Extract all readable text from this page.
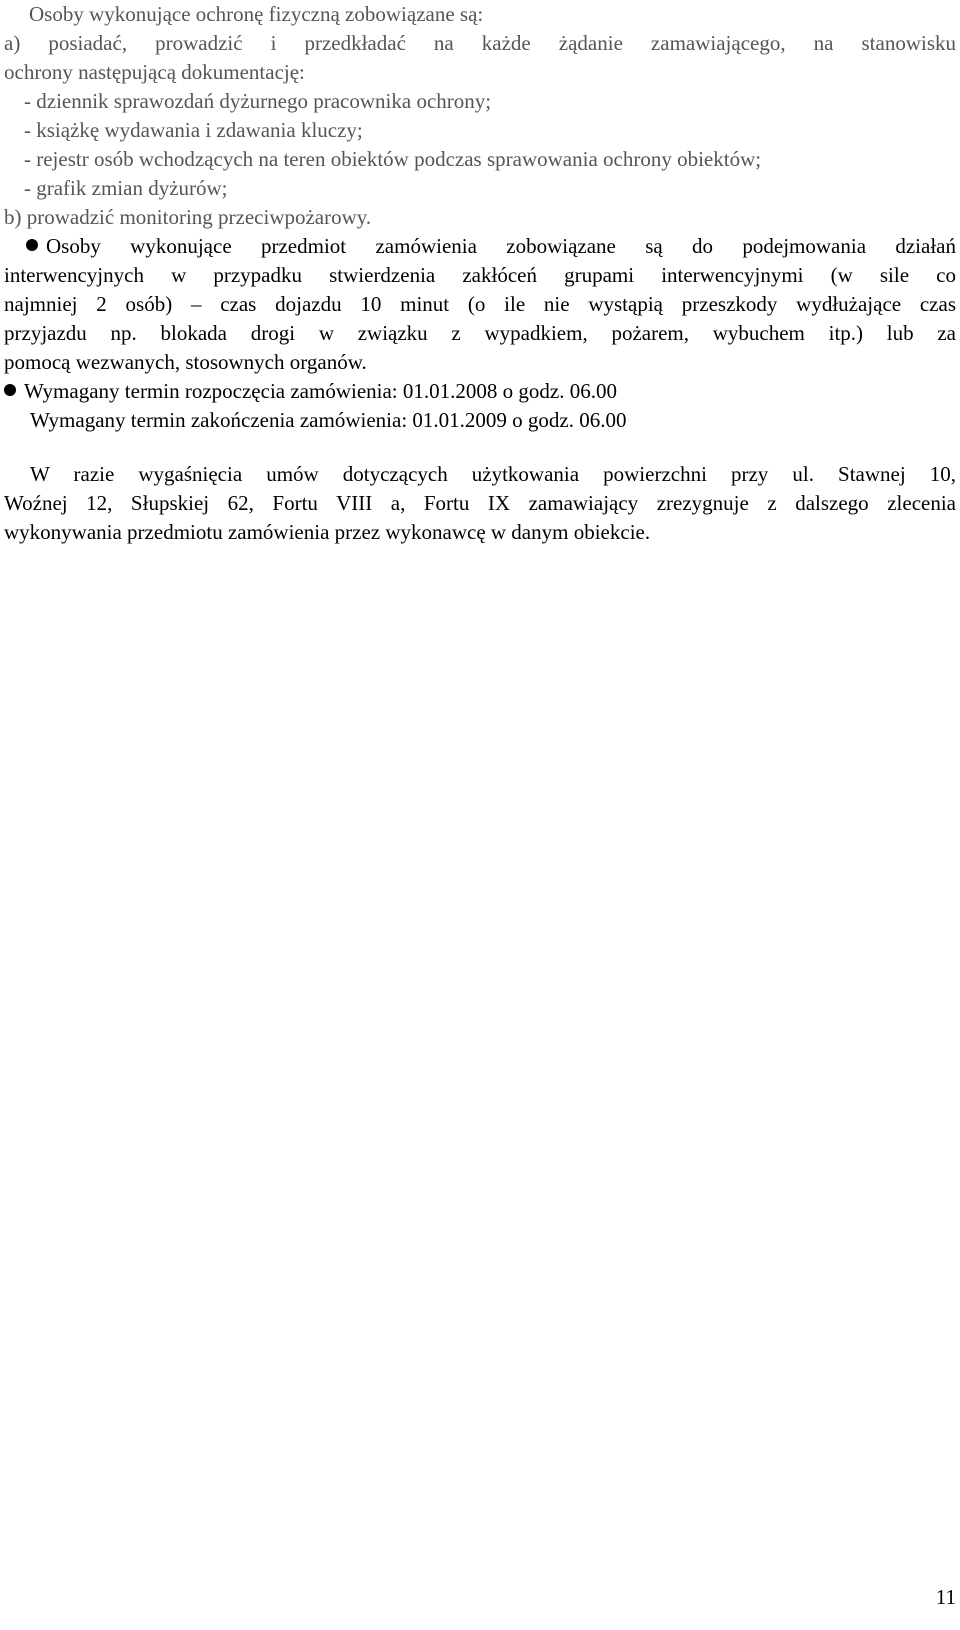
Osoby wykonujące ochronę fizyczną zobowiązane są:
a) posiadać, prowadzić i przedkładać na każde żądanie zamawiającego, na stanowisku
ochrony następującą dokumentację:
- dziennik sprawozdań dyżurnego pracownika ochrony;
- książkę wydawania i zdawania kluczy;
- rejestr osób wchodzących na teren obiektów podczas sprawowania ochrony obiektów;
- grafik zmian dyżurów;
b) prowadzić monitoring przeciwpożarowy.
Osoby wykonujące przedmiot zamówienia zobowiązane są do podejmowania działań
interwencyjnych w przypadku stwierdzenia zakłóceń grupami interwencyjnymi (w sile co
najmniej 2 osób) – czas dojazdu 10 minut (o ile nie wystąpią przeszkody wydłużające czas
przyjazdu np. blokada drogi w związku z wypadkiem, pożarem, wybuchem itp.) lub za
pomocą wezwanych, stosownych organów.
Wymagany termin rozpoczęcia zamówienia: 01.01.2008 o godz. 06.00
Wymagany termin zakończenia zamówienia: 01.01.2009 o godz. 06.00
W razie wygaśnięcia umów dotyczących użytkowania powierzchni przy ul. Stawnej 10,
Woźnej 12, Słupskiej 62, Fortu VIII a, Fortu IX zamawiający zrezygnuje z dalszego zlecenia
wykonywania przedmiotu zamówienia przez wykonawcę w danym obiekcie.
11
